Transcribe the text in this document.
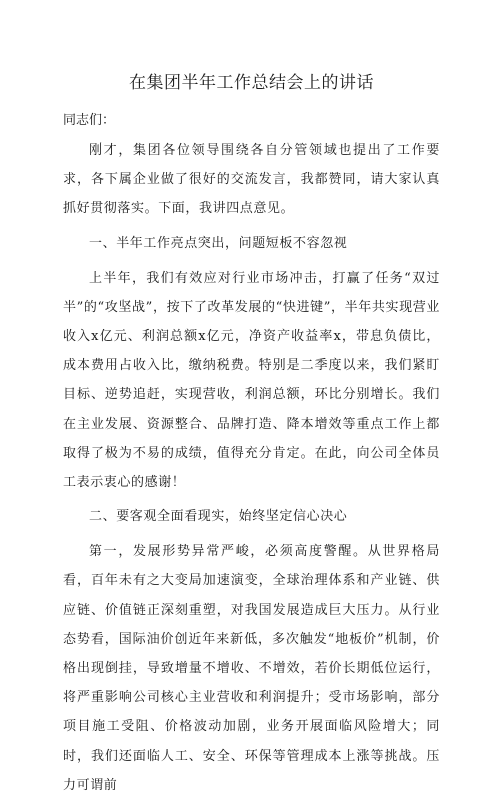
在集团半年工作总结会上的讲话

同志们：

刚才，集团各位领导围绕各自分管领域也提出了工作要求，各下属企业做了很好的交流发言，我都赞同，请大家认真抓好贯彻落实。下面，我讲四点意见。

一、半年工作亮点突出，问题短板不容忽视

上半年，我们有效应对行业市场冲击，打赢了任务“双过半”的“攻坚战”，按下了改革发展的“快进键”，半年共实现营业收入x亿元、利润总额x亿元，净资产收益率x，带息负债比，成本费用占收入比，缴纳税费。特别是二季度以来，我们紧盯目标、逆势追赶，实现营收，利润总额，环比分别增长。我们在主业发展、资源整合、品牌打造、降本增效等重点工作上都取得了极为不易的成绩，值得充分肯定。在此，向公司全体员工表示衷心的感谢！

二、要客观全面看现实，始终坚定信心决心

第一，发展形势异常严峻，必须高度警醒。从世界格局看，百年未有之大变局加速演变，全球治理体系和产业链、供应链、价值链正深刻重塑，对我国发展造成巨大压力。从行业态势看，国际油价创近年来新低，多次触发“地板价”机制，价格出现倒挂，导致增量不增收、不增效，若价长期低位运行，将严重影响公司核心主业营收和利润提升；受市场影响，部分项目施工受阻、价格波动加剧，业务开展面临风险增大；同时，我们还面临人工、安全、环保等管理成本上涨等挑战。压力可谓前
